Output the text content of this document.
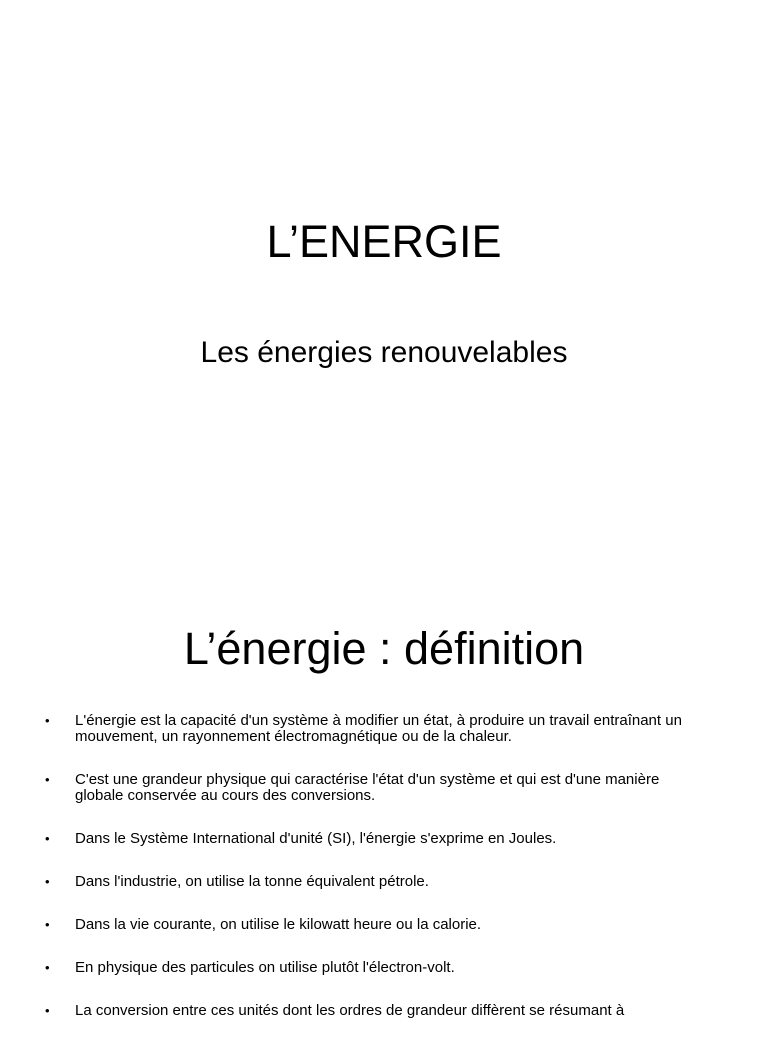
L’ENERGIE
Les énergies renouvelables
L’énergie : définition
• L'énergie est la capacité d'un système à modifier un état, à produire un travail entraînant un mouvement, un rayonnement électromagnétique ou de la chaleur.
• C'est une grandeur physique qui caractérise l'état d'un système et qui est d'une manière globale conservée au cours des conversions.
• Dans le Système International d'unité (SI), l'énergie s'exprime en Joules.
• Dans l'industrie, on utilise la tonne équivalent pétrole.
• Dans la vie courante, on utilise le kilowatt heure ou la calorie.
• En physique des particules on utilise plutôt l'électron-volt.
• La conversion entre ces unités dont les ordres de grandeur diffèrent se résumant à
